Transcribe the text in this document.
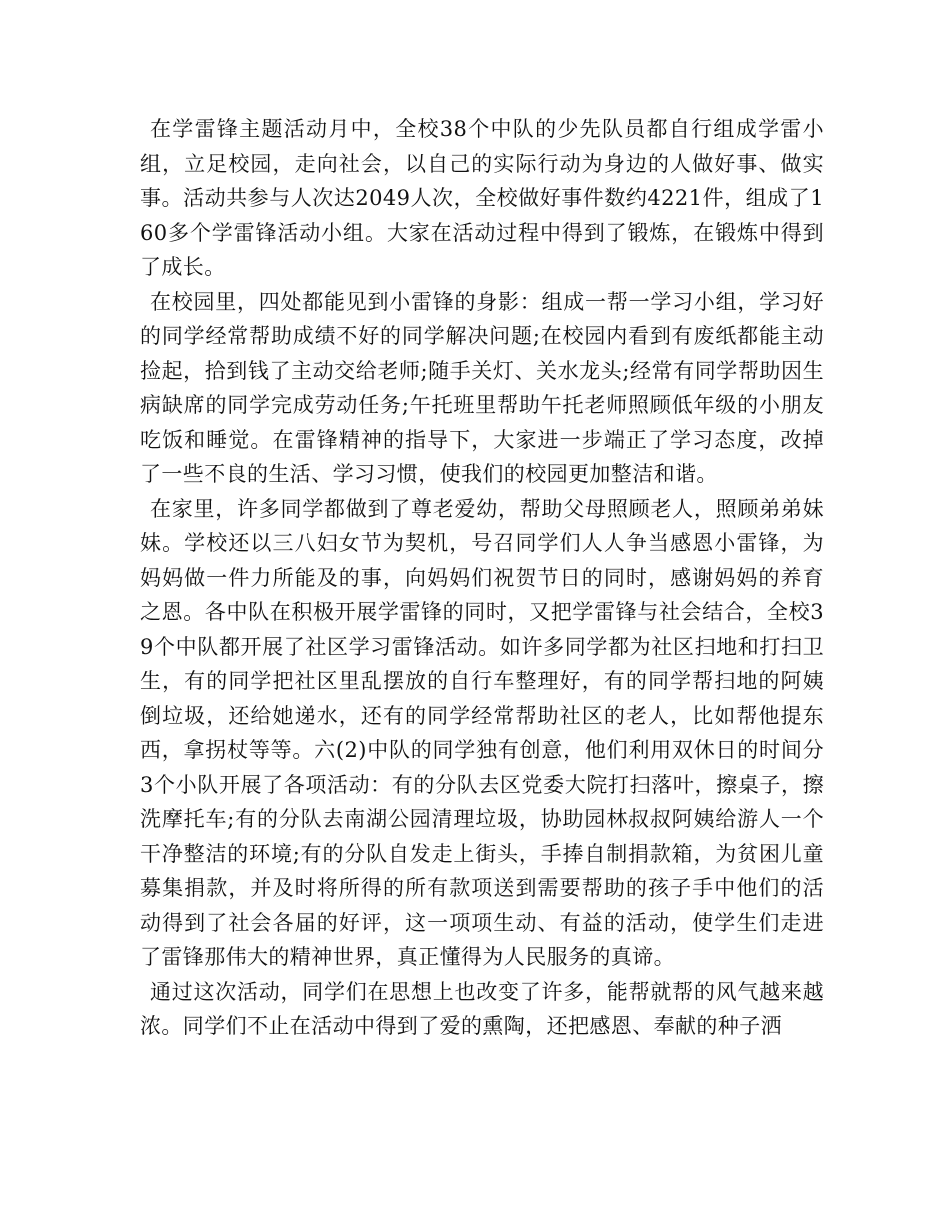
在学雷锋主题活动月中，全校38个中队的少先队员都自行组成学雷小组，立足校园，走向社会，以自己的实际行动为身边的人做好事、做实事。活动共参与人次达2049人次，全校做好事件数约4221件，组成了160多个学雷锋活动小组。大家在活动过程中得到了锻炼，在锻炼中得到了成长。

在校园里，四处都能见到小雷锋的身影：组成一帮一学习小组，学习好的同学经常帮助成绩不好的同学解决问题;在校园内看到有废纸都能主动捡起，拾到钱了主动交给老师;随手关灯、关水龙头;经常有同学帮助因生病缺席的同学完成劳动任务;午托班里帮助午托老师照顾低年级的小朋友吃饭和睡觉。在雷锋精神的指导下，大家进一步端正了学习态度，改掉了一些不良的生活、学习习惯，使我们的校园更加整洁和谐。

在家里，许多同学都做到了尊老爱幼，帮助父母照顾老人，照顾弟弟妹妹。学校还以三八妇女节为契机，号召同学们人人争当感恩小雷锋，为妈妈做一件力所能及的事，向妈妈们祝贺节日的同时，感谢妈妈的养育之恩。各中队在积极开展学雷锋的同时，又把学雷锋与社会结合，全校39个中队都开展了社区学习雷锋活动。如许多同学都为社区扫地和打扫卫生，有的同学把社区里乱摆放的自行车整理好，有的同学帮扫地的阿姨倒垃圾，还给她递水，还有的同学经常帮助社区的老人，比如帮他提东西，拿拐杖等等。六(2)中队的同学独有创意，他们利用双休日的时间分3个小队开展了各项活动：有的分队去区党委大院打扫落叶，擦桌子，擦洗摩托车;有的分队去南湖公园清理垃圾，协助园林叔叔阿姨给游人一个干净整洁的环境;有的分队自发走上街头，手捧自制捐款箱，为贫困儿童募集捐款，并及时将所得的所有款项送到需要帮助的孩子手中他们的活动得到了社会各届的好评，这一项项生动、有益的活动，使学生们走进了雷锋那伟大的精神世界，真正懂得为人民服务的真谛。

通过这次活动，同学们在思想上也改变了许多，能帮就帮的风气越来越浓。同学们不止在活动中得到了爱的熏陶，还把感恩、奉献的种子洒
